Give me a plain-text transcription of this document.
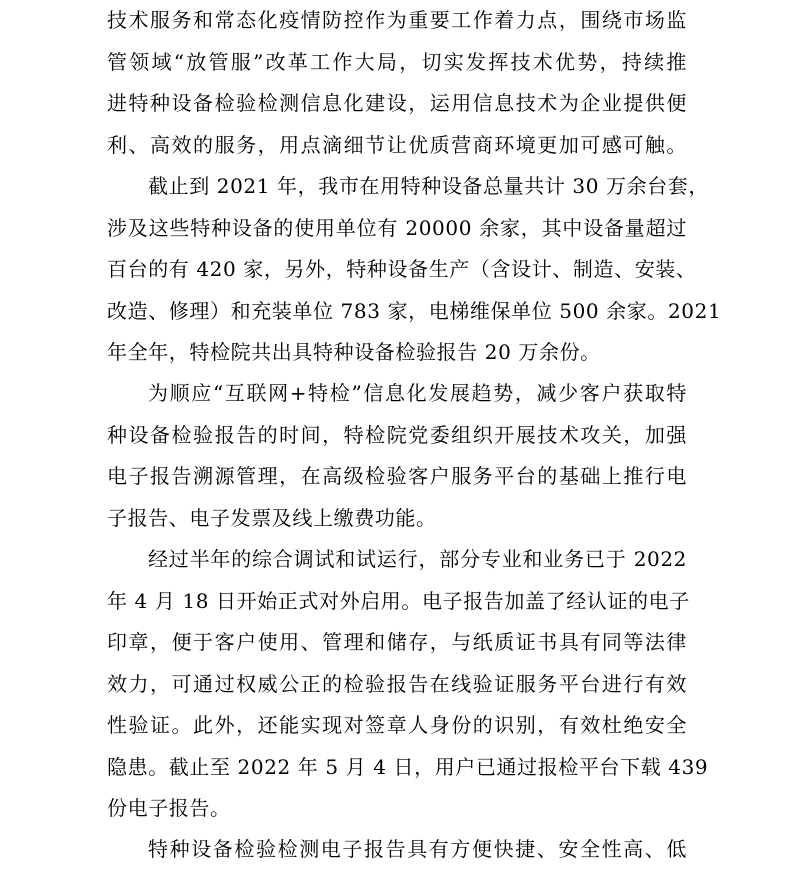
技术服务和常态化疫情防控作为重要工作着力点，围绕市场监
管领域“放管服”改革工作大局，切实发挥技术优势，持续推
进特种设备检验检测信息化建设，运用信息技术为企业提供便
利、高效的服务，用点滴细节让优质营商环境更加可感可触。

截止到 2021 年，我市在用特种设备总量共计 30 万余台套，
涉及这些特种设备的使用单位有 20000 余家，其中设备量超过
百台的有 420 家，另外，特种设备生产（含设计、制造、安装、
改造、修理）和充装单位 783 家，电梯维保单位 500 余家。2021
年全年，特检院共出具特种设备检验报告 20 万余份。

为顺应“互联网+特检”信息化发展趋势，减少客户获取特
种设备检验报告的时间，特检院党委组织开展技术攻关，加强
电子报告溯源管理，在高级检验客户服务平台的基础上推行电
子报告、电子发票及线上缴费功能。

经过半年的综合调试和试运行，部分专业和业务已于 2022
年 4 月 18 日开始正式对外启用。电子报告加盖了经认证的电子
印章，便于客户使用、管理和储存，与纸质证书具有同等法律
效力，可通过权威公正的检验报告在线验证服务平台进行有效
性验证。此外，还能实现对签章人身份的识别，有效杜绝安全
隐患。截止至 2022 年 5 月 4 日，用户已通过报检平台下载 439
份电子报告。

特种设备检验检测电子报告具有方便快捷、安全性高、低
